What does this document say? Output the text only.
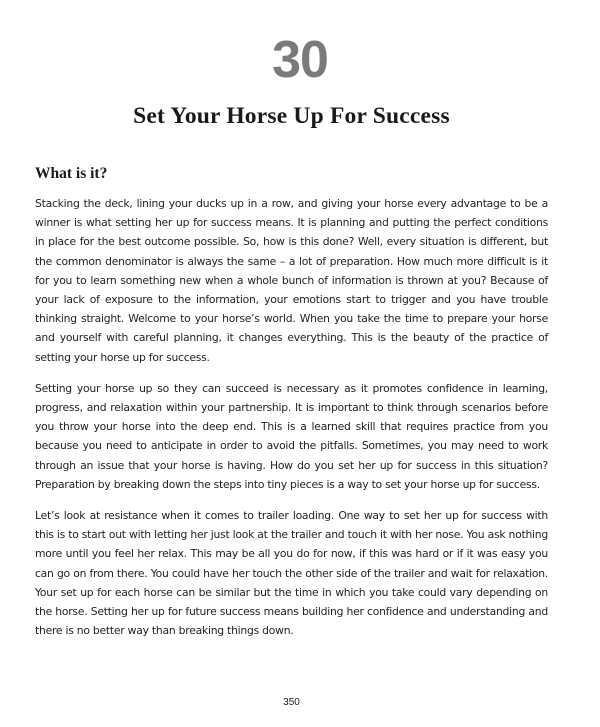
30
Set Your Horse Up For Success
What is it?

Stacking the deck, lining your ducks up in a row, and giving your horse every advantage to be a winner is what setting her up for success means. It is planning and putting the perfect conditions in place for the best outcome possible. So, how is this done? Well, every situation is different, but the common denominator is always the same – a lot of preparation. How much more difficult is it for you to learn something new when a whole bunch of information is thrown at you? Because of your lack of exposure to the information, your emotions start to trigger and you have trouble thinking straight. Welcome to your horse’s world. When you take the time to prepare your horse and yourself with careful planning, it changes everything. This is the beauty of the practice of setting your horse up for success.

Setting your horse up so they can succeed is necessary as it promotes confidence in learning, progress, and relaxation within your partnership. It is important to think through scenarios before you throw your horse into the deep end. This is a learned skill that requires practice from you because you need to anticipate in order to avoid the pitfalls. Sometimes, you may need to work through an issue that your horse is having. How do you set her up for success in this situation? Preparation by breaking down the steps into tiny pieces is a way to set your horse up for success.

Let’s look at resistance when it comes to trailer loading. One way to set her up for success with this is to start out with letting her just look at the trailer and touch it with her nose. You ask nothing more until you feel her relax. This may be all you do for now, if this was hard or if it was easy you can go on from there. You could have her touch the other side of the trailer and wait for relaxation. Your set up for each horse can be similar but the time in which you take could vary depending on the horse. Setting her up for future success means building her confidence and understanding and there is no better way than breaking things down.

350
